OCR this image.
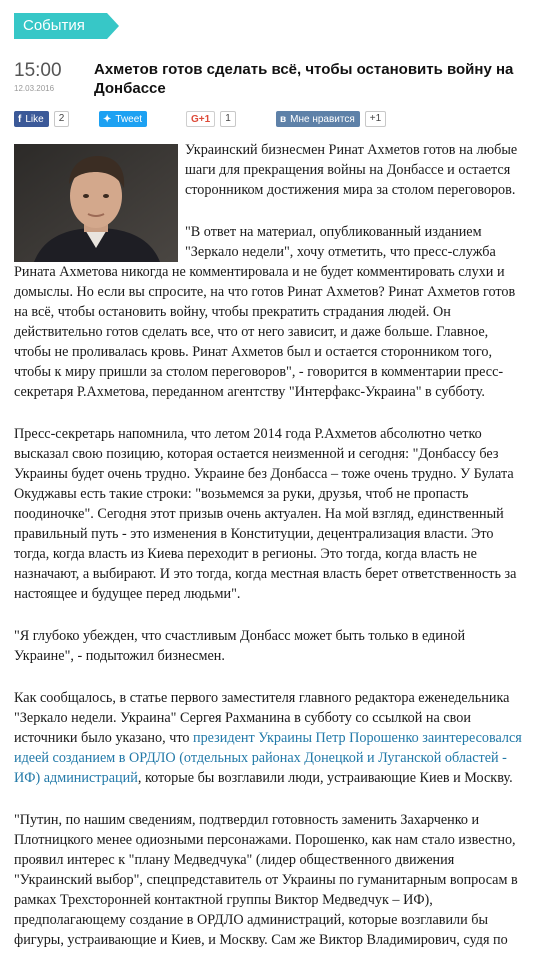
События
15:00
12.03.2016
Ахметов готов сделать всё, чтобы остановить войну на Донбассе
f Like	2	✦ Tweet	G+1	1	в Мне нравится	+1

Украинский бизнесмен Ринат Ахметов готов на любые шаги для прекращения войны на Донбассе и остается сторонником достижения мира за столом переговоров.

"В ответ на материал, опубликованный изданием "Зеркало недели", хочу отметить, что пресс-служба Рината Ахметова никогда не комментировала и не будет комментировать слухи и домыслы. Но если вы спросите, на что готов Ринат Ахметов? Ринат Ахметов готов на всё, чтобы остановить войну, чтобы прекратить страдания людей. Он действительно готов сделать все, что от него зависит, и даже больше. Главное, чтобы не проливалась кровь. Ринат Ахметов был и остается сторонником того, чтобы к миру пришли за столом переговоров", - говорится в комментарии пресс-секретаря Р.Ахметова, переданном агентству "Интерфакс-Украина" в субботу.

Пресс-секретарь напомнила, что летом 2014 года Р.Ахметов абсолютно четко высказал свою позицию, которая остается неизменной и сегодня: "Донбассу без Украины будет очень трудно. Украине без Донбасса – тоже очень трудно. У Булата Окуджавы есть такие строки: "возьмемся за руки, друзья, чтоб не пропасть поодиночке". Сегодня этот призыв очень актуален. На мой взгляд, единственный правильный путь - это изменения в Конституции, децентрализация власти. Это тогда, когда власть из Киева переходит в регионы. Это тогда, когда власть не назначают, а выбирают. И это тогда, когда местная власть берет ответственность за настоящее и будущее перед людьми".

"Я глубоко убежден, что счастливым Донбасс может быть только в единой Украине", - подытожил бизнесмен.

Как сообщалось, в статье первого заместителя главного редактора еженедельника "Зеркало недели. Украина" Сергея Рахманина в субботу со ссылкой на свои источники было указано, что президент Украины Петр Порошенко заинтересовался идеей созданием в ОРДЛО (отдельных районах Донецкой и Луганской областей - ИФ) администраций, которые бы возглавили люди, устраивающие Киев и Москву.

"Путин, по нашим сведениям, подтвердил готовность заменить Захарченко и Плотницкого менее одиозными персонажами. Порошенко, как нам стало известно, проявил интерес к "плану Медведчука" (лидер общественного движения "Украинский выбор", спецпредставитель от Украины по гуманитарным вопросам в рамках Трехсторонней контактной группы Виктор Медведчук – ИФ), предполагающему создание в ОРДЛО администраций, которые возглавили бы фигуры, устраивающие и Киев, и Москву. Сам же Виктор Владимирович, судя по
